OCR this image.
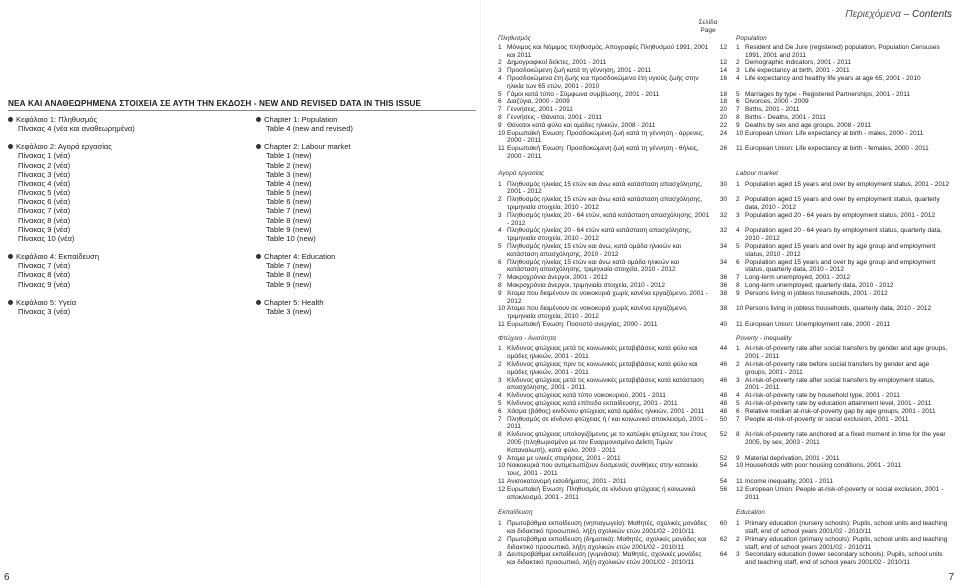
ΝΕΑ ΚΑΙ ΑΝΑΘΕΩΡΗΜΕΝΑ ΣΤΟΙΧΕΙΑ ΣΕ ΑΥΤΗ ΤΗΝ ΕΚΔΟΣΗ - NEW AND REVISED DATA IN THIS ISSUE
Κεφάλαιο 1: Πληθυσμός
Πίνακας 4 (νέα και αναθεωρημένα)
Κεφάλαιο 2: Αγορά εργασίας
Πίνακας 1 (νέα)
Πίνακας 2 (νέα)
Πίνακας 3 (νέα)
Πίνακας 4 (νέα)
Πίνακας 5 (νέα)
Πίνακας 6 (νέα)
Πίνακας 7 (νέα)
Πίνακας 8 (νέα)
Πίνακας 9 (νέα)
Πίνακας 10 (νέα)
Κεφάλαιο 4: Εκπαίδευση
Πίνακας 7 (νέα)
Πίνακας 8 (νέα)
Πίνακας 9 (νέα)
Κεφάλαιο 5: Υγεία
Πίνακας 3 (νέα)
Chapter 1: Population
Table 4 (new and revised)
Chapter 2: Labour market
Table 1 (new)
Table 2 (new)
Table 3 (new)
Table 4 (new)
Table 5 (new)
Table 6 (new)
Table 7 (new)
Table 8 (new)
Table 9 (new)
Table 10 (new)
Chapter 4: Education
Table 7 (new)
Table 8 (new)
Table 9 (new)
Chapter 5: Health
Table 3 (new)
Περιεχόμενα – Contents
Σελίδα
Page
Πληθυσμός	Population
1 Μόνιμος και Νόμιμος πληθυσμός, Απογραφές Πληθυσμού 1991, 2001 και 2011
12	1 Resident and De Jure (registered) population, Population Censuses 1991, 2001 and 2011
2 Δημογραφικοί δείκτες, 2001 - 2011	12	2 Demographic indicators, 2001 - 2011
3 Προσδοκώμενη ζωή κατά τη γέννηση, 2001 - 2011	14	3 Life expectancy at birth, 2001 - 2011
4 Προσδοκώμενα έτη ζωής και προσδοκώμενα έτη υγιούς ζωής στην ηλικία των 65 ετών, 2001 - 2010
16	4 Life expectancy and healthy life years at age 65, 2001 - 2010
5 Γάμοι κατά τύπο - Σύμφωνα συμβίωσης, 2001 - 2011	18	5 Marriages by type - Registered Partnerships, 2001 - 2011
6 Διαζύγια, 2000 - 2009	18	6 Divorces, 2000 - 2009
7 Γεννήσεις, 2001 - 2011	20	7 Births, 2001 - 2011
8 Γεννήσεις - Θάνατοι, 2001 - 2011	20	8 Births - Deaths, 2001 - 2011
9 Θάνατοι κατά φύλο και ομάδες ηλικιών, 2008 - 2011	22	9 Deaths by sex and age groups, 2008 - 2011
10 Ευρωπαϊκή Ένωση: Προσδοκώμενη ζωή κατά τη γέννηση - άρρενες, 2000 - 2011
24	10 European Union: Life expectancy at birth - males, 2000 - 2011
11 Ευρωπαϊκή Ένωση: Προσδοκώμενη ζωή κατά τη γέννηση - θήλεις, 2000 - 2011
26	11 European Union: Life expectancy at birth - females, 2000 - 2011
Αγορά εργασίας	Labour market
1 Πληθυσμός ηλικίας 15 ετών και άνω κατά κατάσταση απασχόλησης, 2001 - 2012
30	1 Population aged 15 years and over by employment status, 2001 - 2012
2 Πληθυσμός ηλικίας 15 ετών και άνω κατά κατάσταση απασχόλησης, τριμηνιαία στοιχεία, 2010 - 2012
30	2 Population aged 15 years and over by employment status, quarterly data, 2010 - 2012
3 Πληθυσμός ηλικίας 20 - 64 ετών, κατά κατάσταση απασχόλησης, 2001 - 2012
32	3 Population aged 20 - 64 years by employment status, 2001 - 2012
4 Πληθυσμός ηλικίας 20 - 64 ετών κατά κατάσταση απασχόλησης, τριμηνιαία στοιχεία, 2010 - 2012
32	4 Population aged 20 - 64 years by employment status, quarterly data, 2010 - 2012
5 Πληθυσμός ηλικίας 15 ετών και άνω, κατά ομάδα ηλικιών και κατάσταση απασχόλησης, 2010 - 2012
34	5 Population aged 15 years and over by age group and employment status, 2010 - 2012
6 Πληθυσμός ηλικίας 15 ετών και άνω κατά ομάδα ηλικιών και κατάσταση απασχόλησης, τριμηνιαία στοιχεία, 2010 - 2012
34	6 Population aged 15 years and over by age group and employment status, quarterly data, 2010 - 2012
7 Μακροχρόνια άνεργοι, 2001 - 2012	36	7 Long-term unemployed, 2001 - 2012
8 Μακροχρόνια άνεργοι, τριμηνιαία στοιχεία, 2010 - 2012	36	8 Long-term unemployed, quarterly data, 2010 - 2012
9 Άτομα που διαμένουν σε νοικοκυριά χωρίς κανένα εργαζόμενο, 2001 - 2012
38	9 Persons living in jobless households, 2001 - 2012
10 Άτομα που διαμένουν σε νοικοκυριά χωρίς κανένα εργαζόμενο, τριμηνιαία στοιχεία, 2010 - 2012
38	10 Persons living in jobless households, quarterly data, 2010 - 2012
11 Ευρωπαϊκή Ένωση: Ποσοστό ανεργίας, 2000 - 2011	40	11 European Union: Unemployment rate, 2000 - 2011
Φτώχεια - Ανισότητα	Poverty - Inequality
1 Κίνδυνος φτώχειας μετά τις κοινωνικές μεταβιβάσεις κατά φύλο και ομάδες ηλικιών, 2001 - 2011
44	1 At-risk-of-poverty rate after social transfers by gender and age groups, 2001 - 2011
2 Κίνδυνος φτώχειας πριν τις κοινωνικές μεταβιβάσεις κατά φύλο και ομάδες ηλικιών, 2001 - 2011
46	2 At-risk-of-poverty rate before social transfers by gender and age groups, 2001 - 2011
3 Κίνδυνος φτώχειας μετά τις κοινωνικές μεταβιβάσεις κατά κατάσταση απασχόλησης, 2001 - 2011
46	3 At-risk-of-poverty rate after social transfers by employment status, 2001 - 2011
4 Κίνδυνος φτώχειας κατά τύπο νοικοκυριού, 2001 - 2011	48	4 At-risk-of-poverty rate by household type, 2001 - 2011
5 Κίνδυνος φτώχειας κατά επίπεδο εκπαίδευσης, 2001 - 2011	48	5 At-risk-of-poverty rate by education attainment level, 2001 - 2011
6 Χάσμα (βάθος) κινδύνου φτώχειας κατά ομάδες ηλικιών, 2001 - 2011	48	6 Relative median at-risk-of-poverty gap by age groups, 2001 - 2011
7 Πληθυσμός σε κίνδυνο φτώχειας ή / και κοινωνικό αποκλεισμό, 2001 - 2011
50	7 People at-risk-of-poverty or social exclusion, 2001 - 2011
8 Κίνδυνος φτώχειας υπολογιζόμενος με το κατώφλι φτώχειας του έτους 2005 (πληθωρισμένο με τον Εναρμονισμένο Δείκτη Τιμών Καταναλωτή), κατά φύλο, 2003 - 2011
52	8 At-risk-of-poverty rate anchored at a fixed moment in time for the year 2005, by sex, 2003 - 2011
9 Άτομα με υλικές στερήσεις, 2001 - 2011	52	9 Material deprivation, 2001 - 2011
10 Νοικοκυριά που αντιμετωπίζουν δυσμενείς συνθήκες στην κατοικία τους, 2001 - 2011
54	10 Households with poor housing conditions, 2001 - 2011
11 Ανισοκατανομή εισοδήματος, 2001 - 2011	54	11 Income inequality, 2001 - 2011
12 Ευρωπαϊκή Ένωση: Πληθυσμός σε κίνδυνο φτώχειας ή κοινωνικό αποκλεισμό, 2001 - 2011
56	12 European Union: People at-risk-of-poverty or social exclusion, 2001 - 2011
Εκπαίδευση	Education
1 Πρωτοβάθμια εκπαίδευση (νηπιαγωγεία): Μαθητές, σχολικές μονάδες και διδακτικό προσωπικό, λήξη σχολικών ετών 2001/02 - 2010/11
60	1 Primary education (nursery schools): Pupils, school units and teaching staff, end of school years 2001/02 - 2010/11
2 Πρωτοβάθμια εκπαίδευση (δημοτικά): Μαθητές, σχολικές μονάδες και διδακτικό προσωπικό, λήξη σχολικών ετών 2001/02 - 2010/11
62	2 Primary education (primary schools): Pupils, school units and teaching staff, end of school years 2001/02 - 2010/11
3 Δευτεροβάθμια εκπαίδευση (γυμνάσια): Μαθητές, σχολικές μονάδες και διδακτικό προσωπικό, λήξη σχολικών ετών 2001/02 - 2010/11
64	3 Secondary education (lower secondary schools): Pupils, school units and teaching staff, end of school years 2001/02 - 2010/11
6	7
